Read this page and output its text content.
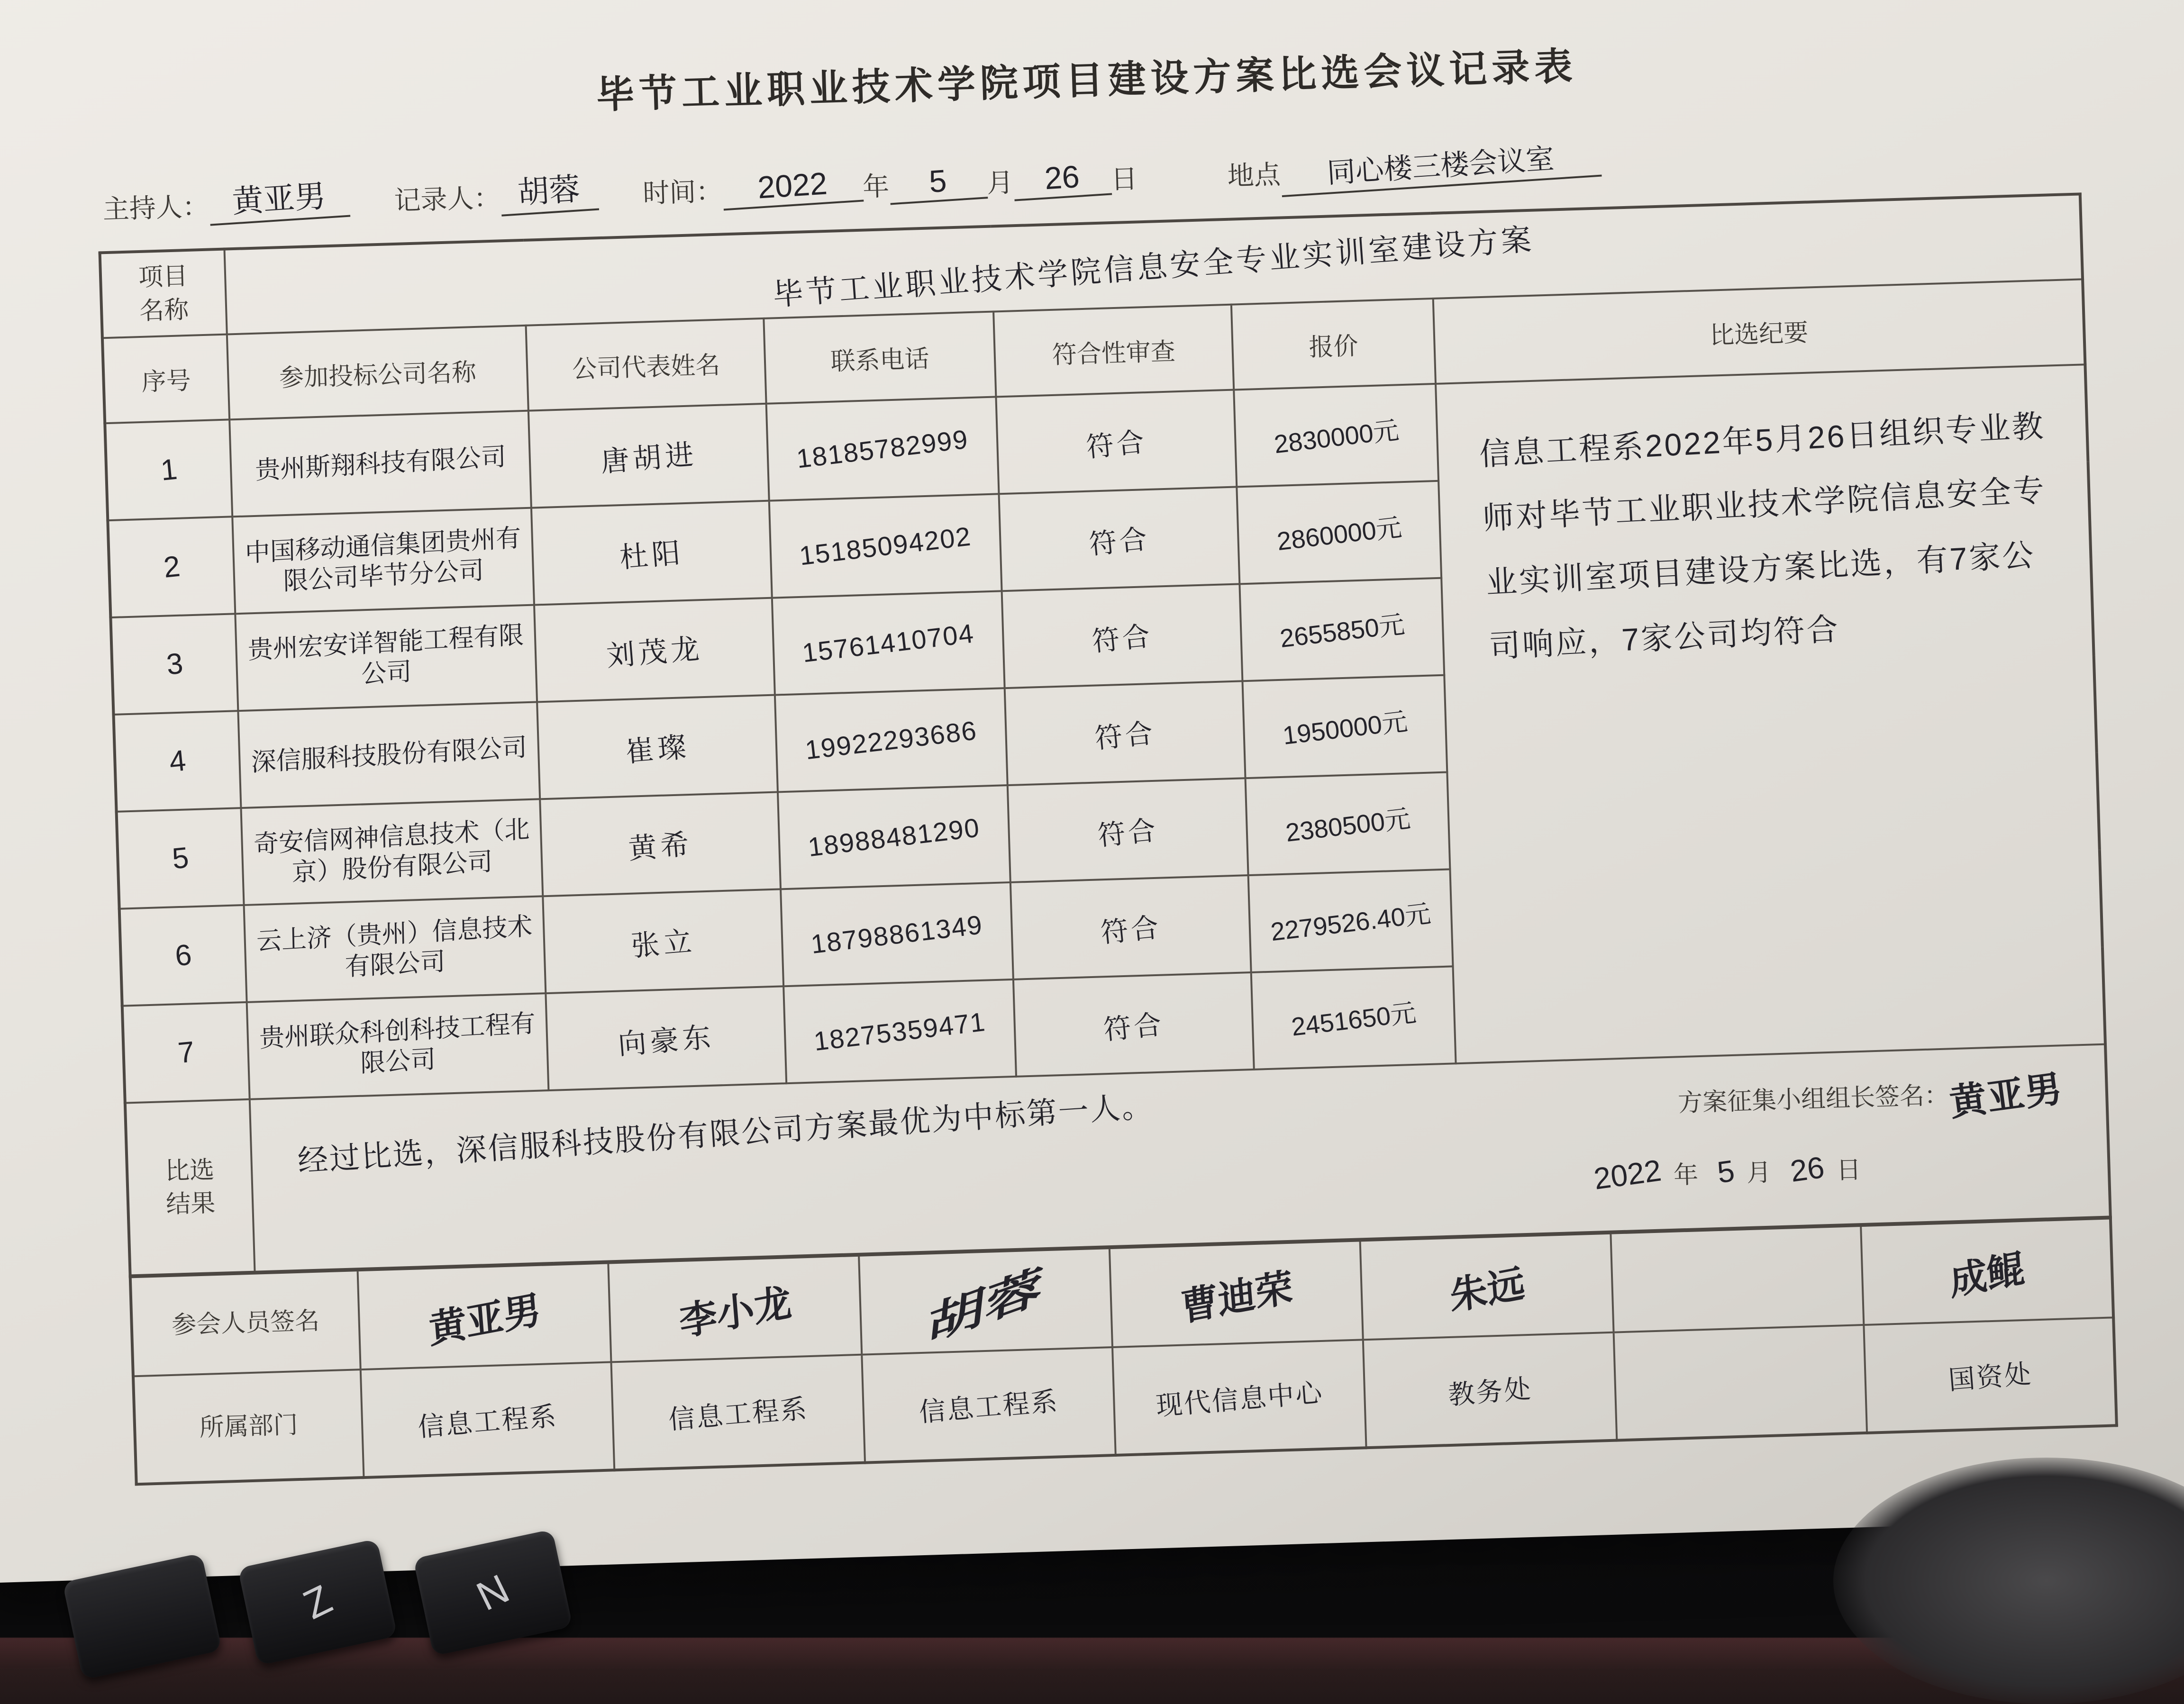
毕节工业职业技术学院项目建设方案比选会议记录表
主持人： 黄亚男	记录人： 胡蓉	时间：	2022	年	5	月 26	日	地点	同心楼三楼会议室
项目名称	毕节工业职业技术学院信息安全专业实训室建设方案					
序号	参加投标公司名称	公司代表姓名	联系电话	符合性审查	报价	比选纪要
1	贵州斯翔科技有限公司	唐胡进	18185782999	符合	2830000元	信息工程系2022年5月26日组织专业教师对毕节工业职业技术学院信息安全专业实训室项目建设方案比选，有7家公司响应，7家公司均符合
2	中国移动通信集团贵州有限公司毕节分公司	杜阳	15185094202	符合	2860000元	
3	贵州宏安详智能工程有限公司	刘茂龙	15761410704	符合	2655850元	
4	深信服科技股份有限公司	崔璨	19922293686	符合	1950000元	
5	奇安信网神信息技术（北京）股份有限公司	黄希	18988481290	符合	2380500元	
6	云上济（贵州）信息技术有限公司	张立	18798861349	符合	2279526.40元	
7	贵州联众科创科技工程有限公司	向豪东	18275359471	符合	2451650元	

比选结果	经过比选，深信服科技股份有限公司方案最优为中标第一人。 方案征集小组组长签名：黄亚男
2022 年 5 月 26 日					
参会人员签名	黄亚男	李小龙	胡蓉	曹迪荣	朱远		成鲲
所属部门	信息工程系	信息工程系	信息工程系	现代信息中心	教务处		国资处
Z	N
